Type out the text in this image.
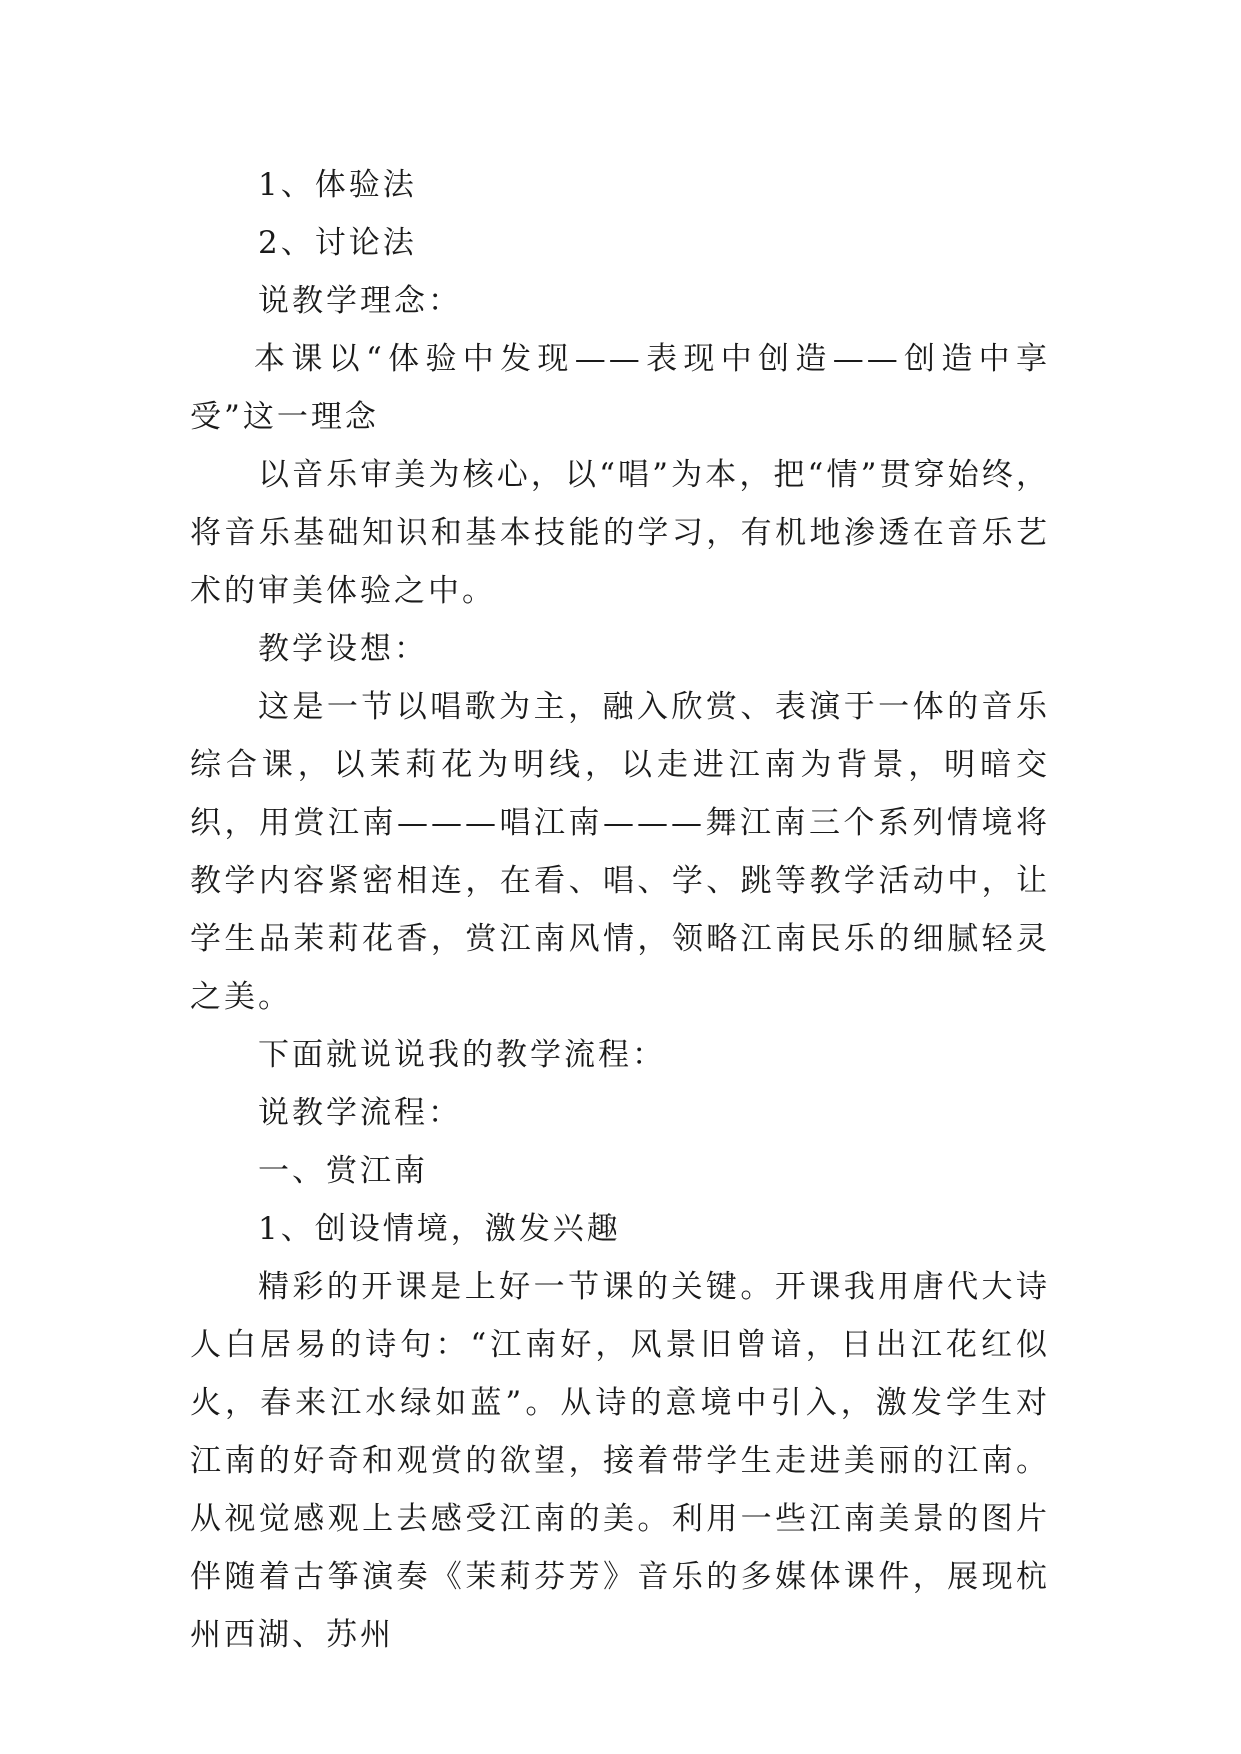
1、体验法

2、讨论法

说教学理念：

本课以“体验中发现——表现中创造——创造中享受”这一理念

以音乐审美为核心，以“唱”为本，把“情”贯穿始终，将音乐基础知识和基本技能的学习，有机地渗透在音乐艺术的审美体验之中。

教学设想：

这是一节以唱歌为主，融入欣赏、表演于一体的音乐综合课，以茉莉花为明线，以走进江南为背景，明暗交织，用赏江南———唱江南———舞江南三个系列情境将教学内容紧密相连，在看、唱、学、跳等教学活动中，让学生品茉莉花香，赏江南风情，领略江南民乐的细腻轻灵之美。

下面就说说我的教学流程：

说教学流程：

一、赏江南

1、创设情境，激发兴趣

精彩的开课是上好一节课的关键。开课我用唐代大诗人白居易的诗句：“江南好，风景旧曾谙，日出江花红似火，春来江水绿如蓝”。从诗的意境中引入，激发学生对江南的好奇和观赏的欲望，接着带学生走进美丽的江南。从视觉感观上去感受江南的美。利用一些江南美景的图片伴随着古筝演奏《茉莉芬芳》音乐的多媒体课件，展现杭州西湖、苏州
